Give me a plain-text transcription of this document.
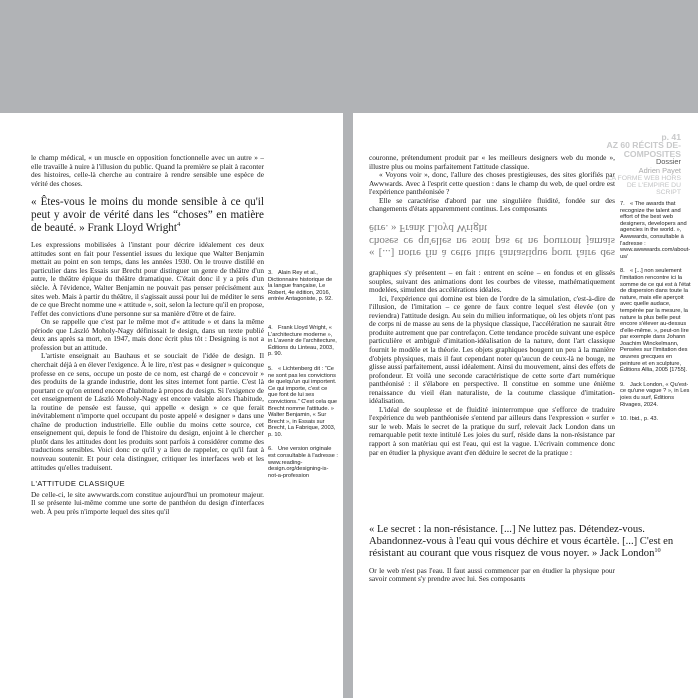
le champ médical, « un muscle en opposition fonctionnelle avec un autre » – elle travaille à nuire à l'illusion du public. Quand la première se plait à raconter des histoires, celle-là cherche au contraire à rendre sensible une espèce de vérité des choses.

« Êtes-vous le moins du monde sensible à ce qu'il peut y avoir de vérité dans les “choses” en matière de beauté. » Frank Lloyd Wright$^4$

Les expressions mobilisées à l'instant pour décrire idéalement ces deux attitudes sont en fait pour l'essentiel issues du lexique que Walter Benjamin mettait au point en son temps, dans les années 1930. On le trouve distillé en particulier dans les Essais sur Brecht pour distinguer un genre de théâtre d'un autre, le théâtre épique du théâtre dramatique. C'était donc il y a près d'un siècle. À l'évidence, Walter Benjamin ne pouvait pas penser précisément aux sites web. Mais à partir du théâtre, il s'agissait aussi pour lui de méditer le sens de ce que Brecht nomme une « attitude », soit, selon la lecture qu'il en propose, l'effet des convictions d'une personne sur sa manière d'être et de faire.

On se rappelle que c'est par le même mot d'« attitude » et dans la même période que László Moholy-Nagy définissait le design, dans un texte publié deux ans après sa mort, en 1947, mais donc écrit plus tôt : Designing is not a profession but an attitude.

L'artiste enseignait au Bauhaus et se souciait de l'idée de design. Il cherchait déjà à en élever l'exigence. À le lire, n'est pas « designer » quiconque professe en ce sens, occupe un poste de ce nom, est chargé de « concevoir » des produits de la grande industrie, dont les sites internet font partie. C'est là pourtant ce qu'on entend encore d'habitude à propos du design. Si l'exigence de cet enseignement de László Moholy-Nagy est encore valable alors l'habitude, la routine de pensée est fausse, qui appelle « design » ce que ferait inévitablement n'importe quel occupant du poste appelé « designer » dans une chaîne de production industrielle. Elle oublie du moins cette source, cet enseignement qui, depuis le fond de l'histoire du design, enjoint à le chercher plutôt dans les attitudes dont les produits sont parfois à considérer comme des traductions sensibles. Voici donc ce qu'il y a lieu de rappeler, ce qu'il faut à nouveau soutenir. Et pour cela distinguer, critiquer les interfaces web et les attitudes qu'elles traduisent.

L'ATTITUDE CLASSIQUE

De celle-ci, le site awwwards.com constitue aujourd'hui un promoteur majeur. Il se présente lui-même comme une sorte de panthéon du design d'interfaces web. À peu près n'importe lequel des sites qu'il

3. Alain Rey et al., Dictionnaire historique de la langue française, Le Robert, 4e édition, 2016, entrée Antagoniste, p. 92.

4. Frank Lloyd Wright, « L'architecture moderne », in L'avenir de l'architecture, Éditions du Linteau, 2003, p. 90.

5. « Lichtenberg dit : “Ce ne sont pas les convictions de quelqu'un qui importent. Ce qui importe, c'est ce que font de lui ses convictions.” C'est cela que Brecht nomme l'attitude. » Walter Benjamin, « Sur Brecht », in Essais sur Brecht, La Fabrique, 2003, p. 10.

6. Une version originale est consultable à l'adresse : www.reading-design.org/designing-is-not-a-profession

couronne, prétendument produit par « les meilleurs designers web du monde », illustre plus ou moins parfaitement l'attitude classique.

« Voyons voir », donc, l'allure des choses prestigieuses, des sites glorifiés par Awwwards. Avec à l'esprit cette question : dans le champ du web, de quel ordre est l'expérience panthéonisée ?

Elle se caractérise d'abord par une singulière fluidité, fondée sur des changements d'états apparemment continus. Les composants

« [...] notre fin à cette lutte fantastique pour faire des choses ce qu'elles ne sont pas et ne pourront jamais être. » Frank Lloyd Wright

graphiques s'y présentent – en fait : entrent en scène – en fondus et en glissés souples, suivant des animations dont les courbes de vitesse, mathématiquement modelées, simulent des accélérations idéales.

Ici, l'expérience qui domine est bien de l'ordre de la simulation, c'est-à-dire de l'illusion, de l'imitation – ce genre de faux contre lequel s'est élevée (on y reviendra) l'attitude design. Au sein du milieu informatique, où les objets n'ont pas de corps ni de masse au sens de la physique classique, l'accélération ne saurait être produite autrement que par contrefaçon. Cette tendance procède suivant une espèce particulière et ambiguë d'imitation-idéalisation de la nature, dont l'art classique fournit le modèle et la théorie. Les objets graphiques bougent un peu à la manière d'objets physiques, mais il faut cependant noter qu'aucun de ceux-là ne bouge, ne glisse aussi parfaitement, aussi idéalement. Ainsi du mouvement, ainsi des effets de profondeur. Et voilà une seconde caractéristique de cette sorte d'art numérique panthéonisé : il s'élabore en perspective. Il constitue en somme une énième renaissance du vieil élan naturaliste, de la coutume classique d'imitation-idéalisation.

L'idéal de souplesse et de fluidité ininterrompue que s'efforce de traduire l'expérience du web panthéonisée s'entend par ailleurs dans l'expression « surfer » sur le web. Mais le secret de la pratique du surf, relevait Jack London dans un remarquable petit texte intitulé Les joies du surf, réside dans la non-résistance par rapport à son matériau qui est l'eau, qui est la vague. L'écrivain commence donc par en étudier la physique avant d'en déduire le secret de la pratique :

« Le secret : la non-résistance. [...] Ne luttez pas. Détendez-vous. Abandonnez-vous à l'eau qui vous déchire et vous écartèle. [...] C'est en résistant au courant que vous risquez de vous noyer. » Jack London$^{10}$

Or le web n'est pas l'eau. Il faut aussi commencer par en étudier la physique pour savoir comment s'y prendre avec lui. Ses composants

p. 41
AZ 60 RÉCITS DE-COMPOSITES
Dossier
Adrien Payet
LA FORME WEB HORS DE L'EMPIRE DU SCRIPT

7. « The awards that recognize the talent and effort of the best web designers, developers and agencies in the world. », Awwwards, consultable à l'adresse : www.awwwards.com/about-us/

8. « [...] non seulement l'imitation rencontre ici la somme de ce qui est à l'état de dispersion dans toute la nature, mais elle aperçoit avec quelle audace, tempérée par la mesure, la nature la plus belle peut encore s'élever au-dessus d'elle-même. », peut-on lire par exemple dans Johann Joachim Winckelmann, Pensées sur l'imitation des œuvres grecques en peinture et en sculpture, Éditions Allia, 2005 [1755].

9. Jack London, « Qu'est-ce qu'une vague ? », in Les joies du surf, Éditions Rivages, 2024.

10. Ibid., p. 43.
